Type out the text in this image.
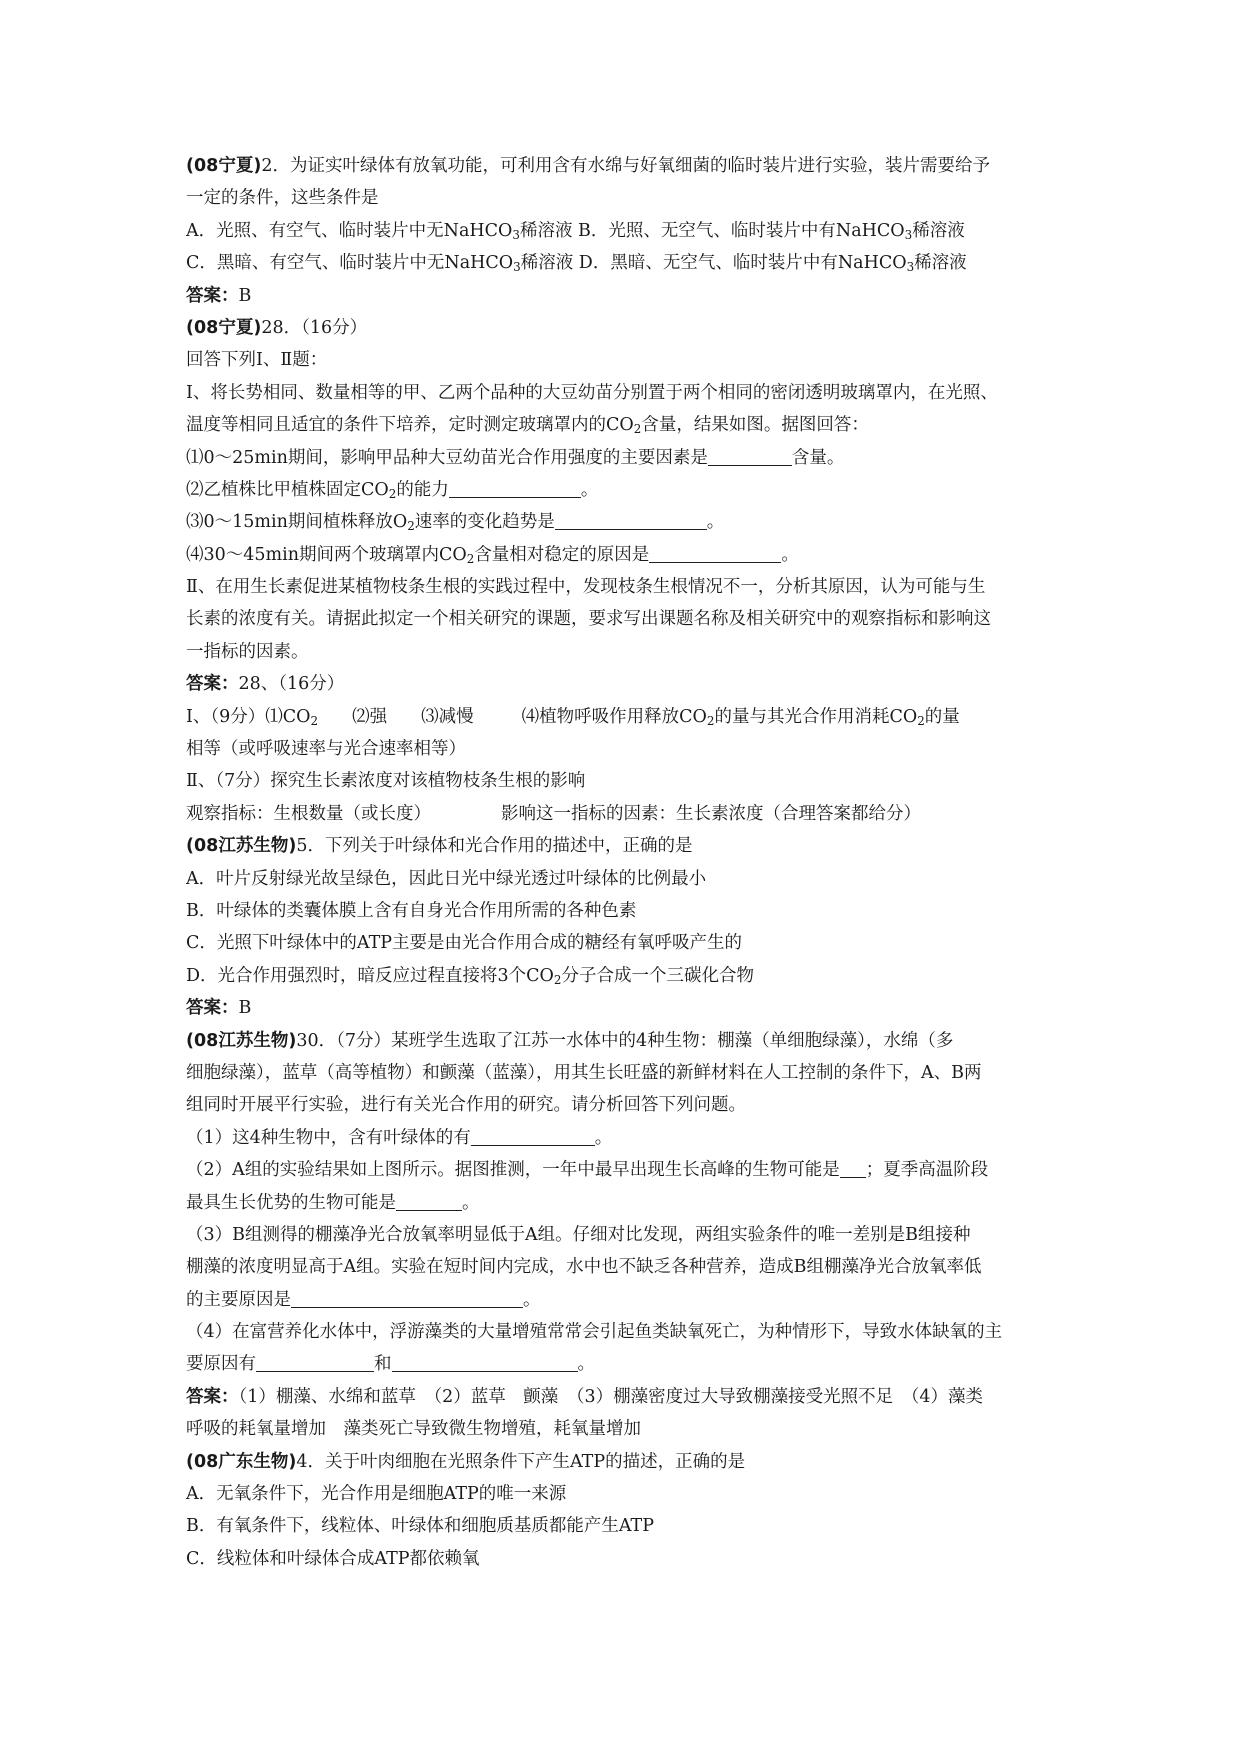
(08宁夏)2．为证实叶绿体有放氧功能，可利用含有水绵与好氧细菌的临时装片进行实验，装片需要给予
一定的条件，这些条件是
A．光照、有空气、临时装片中无NaHCO$_3$稀溶液 B．光照、无空气、临时装片中有NaHCO$_3$稀溶液
C．黑暗、有空气、临时装片中无NaHCO$_3$稀溶液 D．黑暗、无空气、临时装片中有NaHCO$_3$稀溶液
答案：B
(08宁夏)28．（16分）
回答下列Ⅰ、Ⅱ题：
Ⅰ、将长势相同、数量相等的甲、乙两个品种的大豆幼苗分别置于两个相同的密闭透明玻璃罩内，在光照、
温度等相同且适宜的条件下培养，定时测定玻璃罩内的$CO_2$含量，结果如图。据图回答：
⑴0～25min期间，影响甲品种大豆幼苗光合作用强度的主要因素是	含量。
⑵乙植株比甲植株固定$CO_2$的能力	。
⑶0～15min期间植株释放$O_2$速率的变化趋势是	。
⑷30～45min期间两个玻璃罩内$CO_2$含量相对稳定的原因是	。
Ⅱ、在用生长素促进某植物枝条生根的实践过程中，发现枝条生根情况不一，分析其原因，认为可能与生
长素的浓度有关。请据此拟定一个相关研究的课题，要求写出课题名称及相关研究中的观察指标和影响这
一指标的因素。
答案：28、（16分）
Ⅰ、（9分）$⑴CO_2$ ⑵强 ⑶减慢	⑷植物呼吸作用释放$CO_2$的量与其光合作用消耗$CO_2$的量
相等（或呼吸速率与光合速率相等）
Ⅱ、（7分）探究生长素浓度对该植物枝条生根的影响
观察指标：生根数量（或长度）	影响这一指标的因素：生长素浓度（合理答案都给分）
(08江苏生物)5．下列关于叶绿体和光合作用的描述中，正确的是
A．叶片反射绿光故呈绿色，因此日光中绿光透过叶绿体的比例最小
B．叶绿体的类囊体膜上含有自身光合作用所需的各种色素
C．光照下叶绿体中的ATP主要是由光合作用合成的糖经有氧呼吸产生的
D．光合作用强烈时，暗反应过程直接将3个$CO_2$分子合成一个三碳化合物
答案：B
(08江苏生物)30．（7分）某班学生选取了江苏一水体中的4种生物：棚藻（单细胞绿藻），水绵（多
细胞绿藻），蓝草（高等植物）和颤藻（蓝藻），用其生长旺盛的新鲜材料在人工控制的条件下，A、B两
组同时开展平行实验，进行有关光合作用的研究。请分析回答下列问题。
（1）这4种生物中，含有叶绿体的有	。
（2）A组的实验结果如上图所示。据图推测，一年中最早出现生长高峰的生物可能是 ；夏季高温阶段
最具生长优势的生物可能是	。
（3）B组测得的棚藻净光合放氧率明显低于A组。仔细对比发现，两组实验条件的唯一差别是B组接种
棚藻的浓度明显高于A组。实验在短时间内完成，水中也不缺乏各种营养，造成B组棚藻净光合放氧率低
的主要原因是	。
（4）在富营养化水体中，浮游藻类的大量增殖常常会引起鱼类缺氧死亡，为种情形下，导致水体缺氧的主
要原因有	和	。
答案：（1）棚藻、水绵和蓝草　（2）蓝草　颤藻　（3）棚藻密度过大导致棚藻接受光照不足　（4）藻类
呼吸的耗氧量增加　藻类死亡导致微生物增殖，耗氧量增加
(08广东生物)4．关于叶肉细胞在光照条件下产生ATP的描述，正确的是
A．无氧条件下，光合作用是细胞ATP的唯一来源
B．有氧条件下，线粒体、叶绿体和细胞质基质都能产生ATP
C．线粒体和叶绿体合成ATP都依赖氧
